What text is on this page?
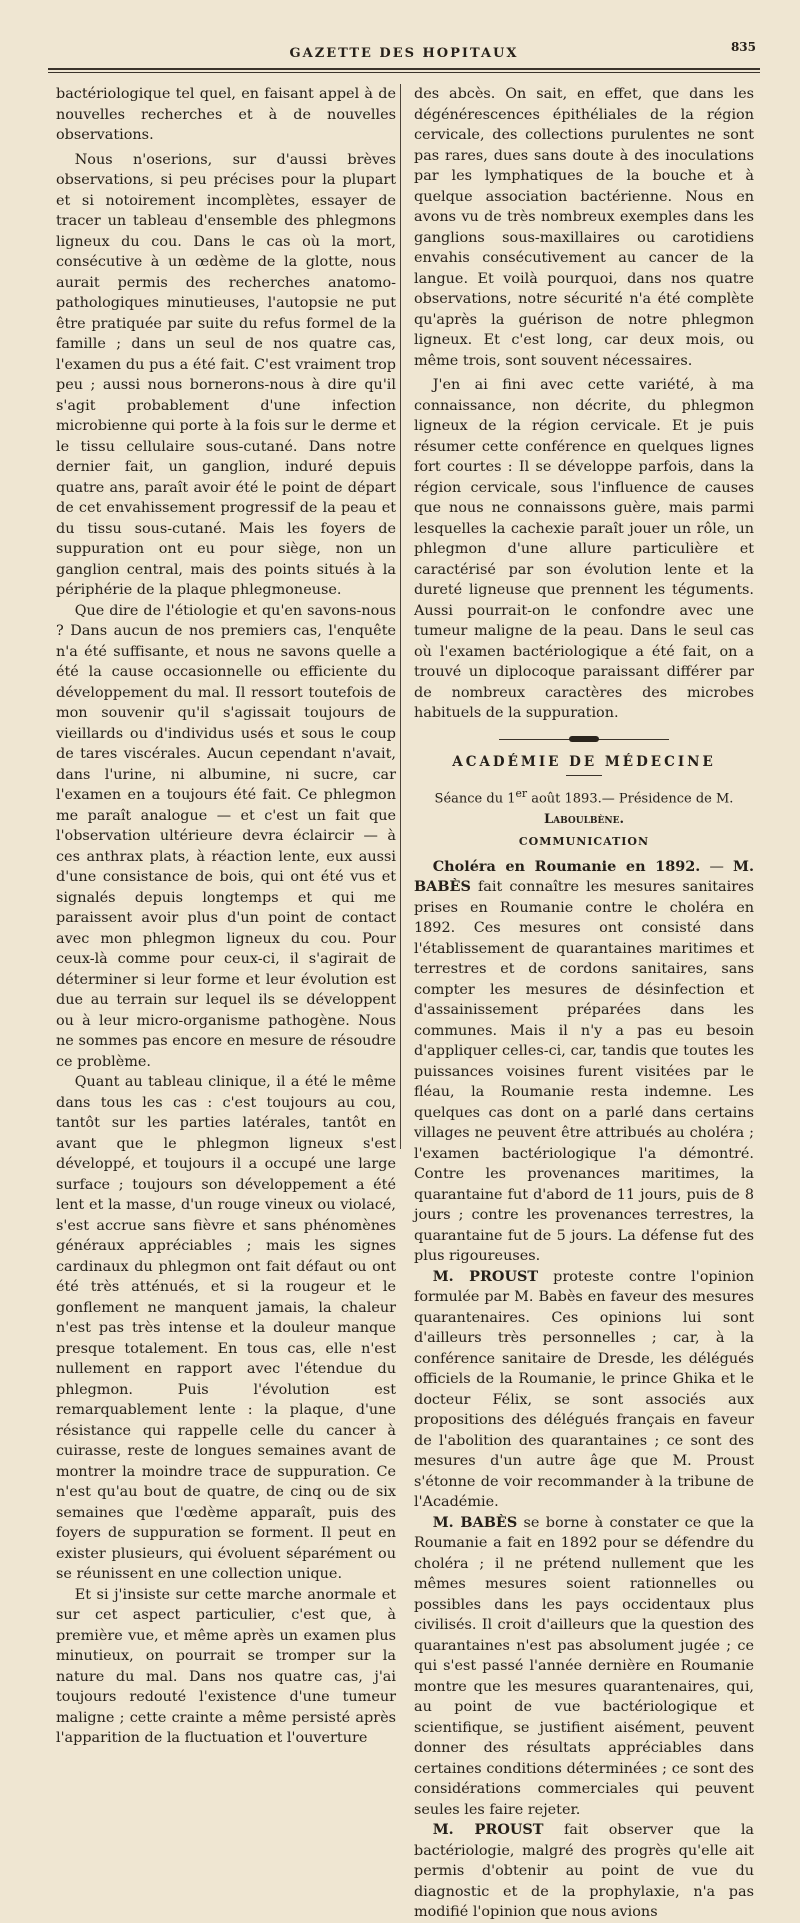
GAZETTE DES HOPITAUX	835

bactériologique tel quel, en faisant appel à de nouvelles recherches et à de nouvelles observations.

Nous n'oserions, sur d'aussi brèves observations, si peu précises pour la plupart et si notoirement incomplètes, essayer de tracer un tableau d'ensemble des phlegmons ligneux du cou. Dans le cas où la mort, consécutive à un œdème de la glotte, nous aurait permis des recherches anatomo-pathologiques minutieuses, l'autopsie ne put être pratiquée par suite du refus formel de la famille ; dans un seul de nos quatre cas, l'examen du pus a été fait. C'est vraiment trop peu ; aussi nous bornerons-nous à dire qu'il s'agit probablement d'une infection microbienne qui porte à la fois sur le derme et le tissu cellulaire sous-cutané. Dans notre dernier fait, un ganglion, induré depuis quatre ans, paraît avoir été le point de départ de cet envahissement progressif de la peau et du tissu sous-cutané. Mais les foyers de suppuration ont eu pour siège, non un ganglion central, mais des points situés à la périphérie de la plaque phlegmoneuse.

Que dire de l'étiologie et qu'en savons-nous ? Dans aucun de nos premiers cas, l'enquête n'a été suffisante, et nous ne savons quelle a été la cause occasionnelle ou efficiente du développement du mal. Il ressort toutefois de mon souvenir qu'il s'agissait toujours de vieillards ou d'individus usés et sous le coup de tares viscérales. Aucun cependant n'avait, dans l'urine, ni albumine, ni sucre, car l'examen en a toujours été fait. Ce phlegmon me paraît analogue — et c'est un fait que l'observation ultérieure devra éclaircir — à ces anthrax plats, à réaction lente, eux aussi d'une consistance de bois, qui ont été vus et signalés depuis longtemps et qui me paraissent avoir plus d'un point de contact avec mon phlegmon ligneux du cou. Pour ceux-là comme pour ceux-ci, il s'agirait de déterminer si leur forme et leur évolution est due au terrain sur lequel ils se développent ou à leur micro-organisme pathogène. Nous ne sommes pas encore en mesure de résoudre ce problème.

Quant au tableau clinique, il a été le même dans tous les cas : c'est toujours au cou, tantôt sur les parties latérales, tantôt en avant que le phlegmon ligneux s'est développé, et toujours il a occupé une large surface ; toujours son développement a été lent et la masse, d'un rouge vineux ou violacé, s'est accrue sans fièvre et sans phénomènes généraux appréciables ; mais les signes cardinaux du phlegmon ont fait défaut ou ont été très atténués, et si la rougeur et le gonflement ne manquent jamais, la chaleur n'est pas très intense et la douleur manque presque totalement. En tous cas, elle n'est nullement en rapport avec l'étendue du phlegmon. Puis l'évolution est remarquablement lente : la plaque, d'une résistance qui rappelle celle du cancer à cuirasse, reste de longues semaines avant de montrer la moindre trace de suppuration. Ce n'est qu'au bout de quatre, de cinq ou de six semaines que l'œdème apparaît, puis des foyers de suppuration se forment. Il peut en exister plusieurs, qui évoluent séparément ou se réunissent en une collection unique.

Et si j'insiste sur cette marche anormale et sur cet aspect particulier, c'est que, à première vue, et même après un examen plus minutieux, on pourrait se tromper sur la nature du mal. Dans nos quatre cas, j'ai toujours redouté l'existence d'une tumeur maligne ; cette crainte a même persisté après l'apparition de la fluctuation et l'ouverture

des abcès. On sait, en effet, que dans les dégénérescences épithéliales de la région cervicale, des collections purulentes ne sont pas rares, dues sans doute à des inoculations par les lymphatiques de la bouche et à quelque association bactérienne. Nous en avons vu de très nombreux exemples dans les ganglions sous-maxillaires ou carotidiens envahis consécutivement au cancer de la langue. Et voilà pourquoi, dans nos quatre observations, notre sécurité n'a été complète qu'après la guérison de notre phlegmon ligneux. Et c'est long, car deux mois, ou même trois, sont souvent nécessaires.

J'en ai fini avec cette variété, à ma connaissance, non décrite, du phlegmon ligneux de la région cervicale. Et je puis résumer cette conférence en quelques lignes fort courtes : Il se développe parfois, dans la région cervicale, sous l'influence de causes que nous ne connaissons guère, mais parmi lesquelles la cachexie paraît jouer un rôle, un phlegmon d'une allure particulière et caractérisé par son évolution lente et la dureté ligneuse que prennent les téguments. Aussi pourrait-on le confondre avec une tumeur maligne de la peau. Dans le seul cas où l'examen bactériologique a été fait, on a trouvé un diplocoque paraissant différer par de nombreux caractères des microbes habituels de la suppuration.

ACADÉMIE DE MÉDECINE

Séance du 1er août 1893.— Présidence de M. Laboulbène.

COMMUNICATION

Choléra en Roumanie en 1892. — M. BABÈS fait connaître les mesures sanitaires prises en Roumanie contre le choléra en 1892. Ces mesures ont consisté dans l'établissement de quarantaines maritimes et terrestres et de cordons sanitaires, sans compter les mesures de désinfection et d'assainissement préparées dans les communes. Mais il n'y a pas eu besoin d'appliquer celles-ci, car, tandis que toutes les puissances voisines furent visitées par le fléau, la Roumanie resta indemne. Les quelques cas dont on a parlé dans certains villages ne peuvent être attribués au choléra ; l'examen bactériologique l'a démontré. Contre les provenances maritimes, la quarantaine fut d'abord de 11 jours, puis de 8 jours ; contre les provenances terrestres, la quarantaine fut de 5 jours. La défense fut des plus rigoureuses.

M. PROUST proteste contre l'opinion formulée par M. Babès en faveur des mesures quarantenaires. Ces opinions lui sont d'ailleurs très personnelles ; car, à la conférence sanitaire de Dresde, les délégués officiels de la Roumanie, le prince Ghika et le docteur Félix, se sont associés aux propositions des délégués français en faveur de l'abolition des quarantaines ; ce sont des mesures d'un autre âge que M. Proust s'étonne de voir recommander à la tribune de l'Académie.

M. BABÈS se borne à constater ce que la Roumanie a fait en 1892 pour se défendre du choléra ; il ne prétend nullement que les mêmes mesures soient rationnelles ou possibles dans les pays occidentaux plus civilisés. Il croit d'ailleurs que la question des quarantaines n'est pas absolument jugée ; ce qui s'est passé l'année dernière en Roumanie montre que les mesures quarantenaires, qui, au point de vue bactériologique et scientifique, se justifient aisément, peuvent donner des résultats appréciables dans certaines conditions déterminées ; ce sont des considérations commerciales qui peuvent seules les faire rejeter.

M. PROUST fait observer que la bactériologie, malgré des progrès qu'elle ait permis d'obtenir au point de vue du diagnostic et de la prophylaxie, n'a pas modifié l'opinion que nous avions
